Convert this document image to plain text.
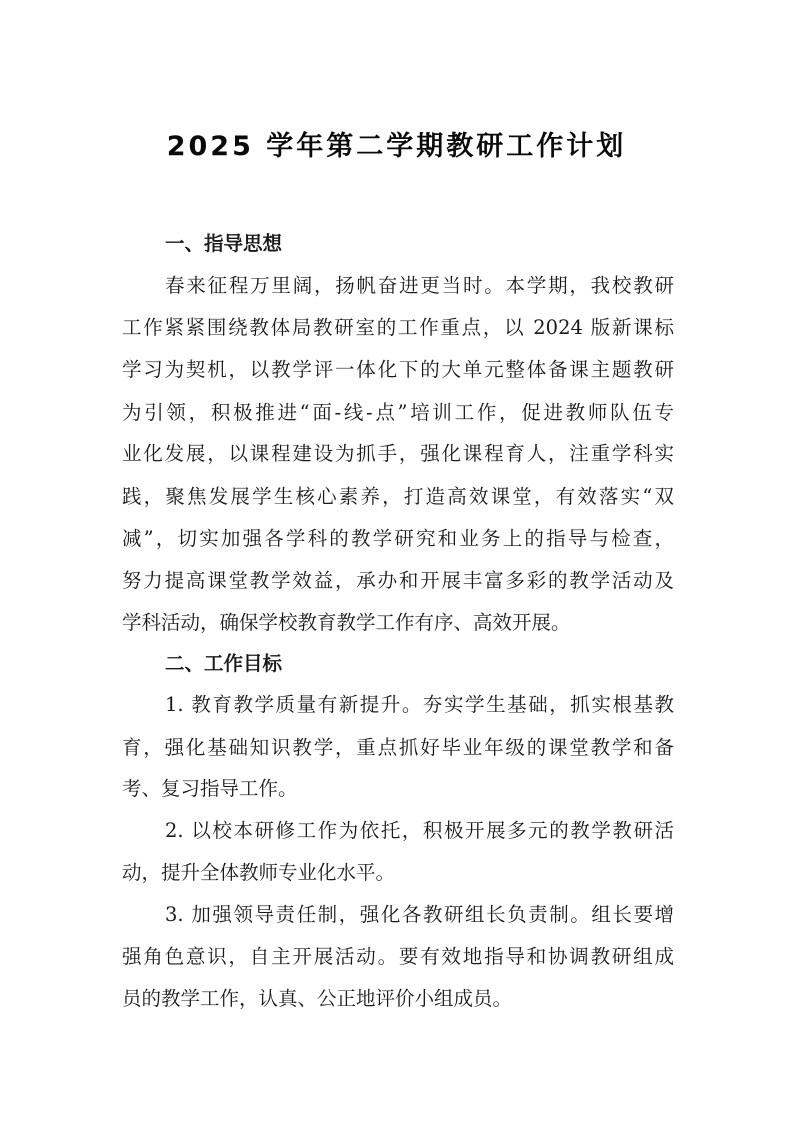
2025 学年第二学期教研工作计划
一、指导思想
春来征程万里阔，扬帆奋进更当时。本学期，我校教研
工作紧紧围绕教体局教研室的工作重点，以 2024 版新课标
学习为契机，以教学评一体化下的大单元整体备课主题教研
为引领，积极推进“面-线-点”培训工作，促进教师队伍专
业化发展，以课程建设为抓手，强化课程育人，注重学科实
践，聚焦发展学生核心素养，打造高效课堂，有效落实“双
减”，切实加强各学科的教学研究和业务上的指导与检查，
努力提高课堂教学效益，承办和开展丰富多彩的教学活动及
学科活动，确保学校教育教学工作有序、高效开展。
二、工作目标
1. 教育教学质量有新提升。夯实学生基础，抓实根基教
育，强化基础知识教学，重点抓好毕业年级的课堂教学和备
考、复习指导工作。
2. 以校本研修工作为依托，积极开展多元的教学教研活
动，提升全体教师专业化水平。
3. 加强领导责任制，强化各教研组长负责制。组长要增
强角色意识，自主开展活动。要有效地指导和协调教研组成
员的教学工作，认真、公正地评价小组成员。
